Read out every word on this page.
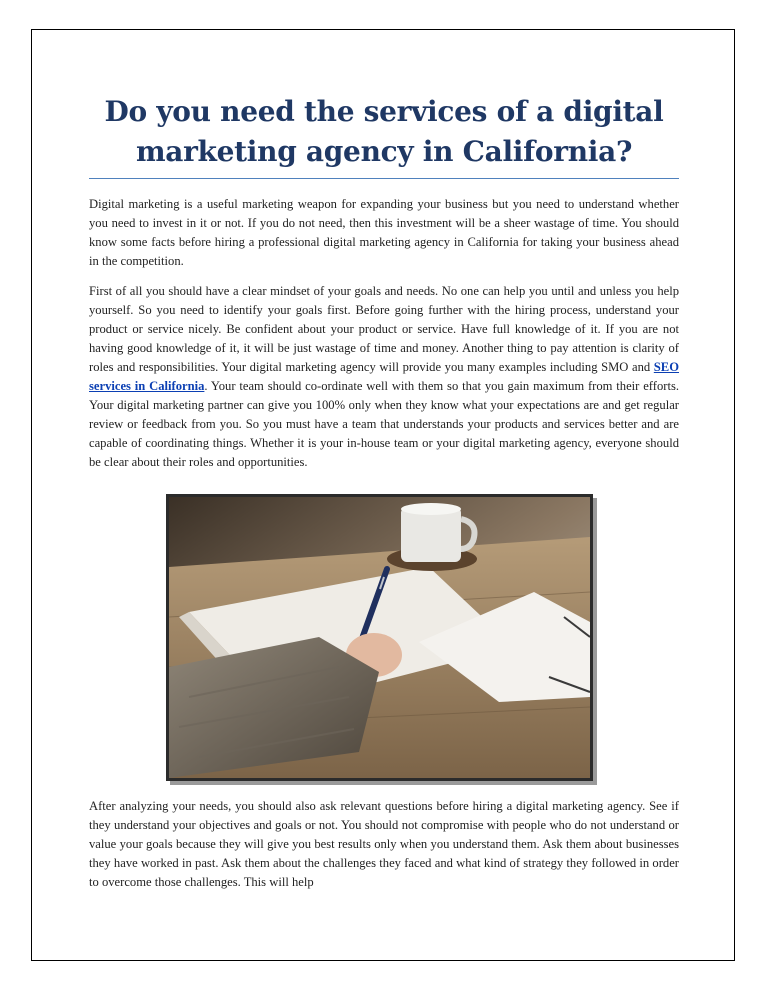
Do you need the services of a digital marketing agency in California?

Digital marketing is a useful marketing weapon for expanding your business but you need to understand whether you need to invest in it or not. If you do not need, then this investment will be a sheer wastage of time. You should know some facts before hiring a professional digital marketing agency in California for taking your business ahead in the competition.

First of all you should have a clear mindset of your goals and needs. No one can help you until and unless you help yourself. So you need to identify your goals first. Before going further with the hiring process, understand your product or service nicely. Be confident about your product or service. Have full knowledge of it. If you are not having good knowledge of it, it will be just wastage of time and money. Another thing to pay attention is clarity of roles and responsibilities. Your digital marketing agency will provide you many examples including SMO and SEO services in California. Your team should co-ordinate well with them so that you gain maximum from their efforts. Your digital marketing partner can give you 100% only when they know what your expectations are and get regular review or feedback from you. So you must have a team that understands your products and services better and are capable of coordinating things. Whether it is your in-house team or your digital marketing agency, everyone should be clear about their roles and opportunities.

After analyzing your needs, you should also ask relevant questions before hiring a digital marketing agency. See if they understand your objectives and goals or not. You should not compromise with people who do not understand or value your goals because they will give you best results only when you understand them. Ask them about businesses they have worked in past. Ask them about the challenges they faced and what kind of strategy they followed in order to overcome those challenges. This will help
